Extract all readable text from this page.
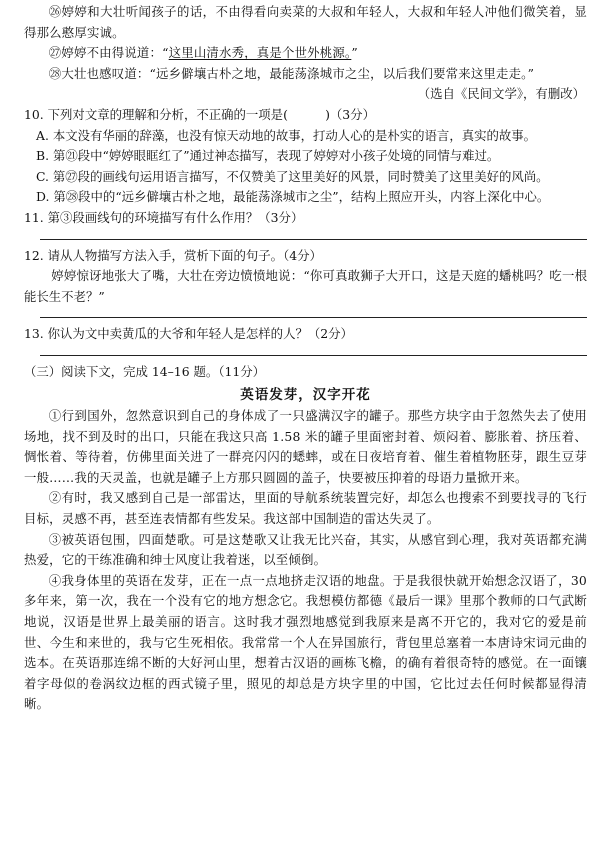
㉖婷婷和大壮听闻孩子的话，不由得看向卖菜的大叔和年轻人，大叔和年轻人冲他们微笑着，显得那么憨厚实诚。

㉗婷婷不由得说道：“这里山清水秀，真是个世外桃源。”

㉘大壮也感叹道：“远乡僻壤古朴之地，最能荡涤城市之尘，以后我们要常来这里走走。”

（选自《民间文学》，有删改）

10. 下列对文章的理解和分析，不正确的一项是(　　　)（3分）

A. 本文没有华丽的辞藻，也没有惊天动地的故事，打动人心的是朴实的语言，真实的故事。

B. 第㉑段中“婷婷眼眶红了”通过神态描写，表现了婷婷对小孩子处境的同情与难过。

C. 第㉗段的画线句运用语言描写，不仅赞美了这里美好的风景，同时赞美了这里美好的风尚。

D. 第㉘段中的“远乡僻壤古朴之地，最能荡涤城市之尘”，结构上照应开头，内容上深化中心。

11. 第③段画线句的环境描写有什么作用？（3分）

12. 请从人物描写方法入手，赏析下面的句子。（4分）

婷婷惊讶地张大了嘴，大壮在旁边愤愤地说：“你可真敢狮子大开口，这是天庭的蟠桃吗？吃一根能长生不老？”

13. 你认为文中卖黄瓜的大爷和年轻人是怎样的人？（2分）

（三）阅读下文，完成 14–16 题。（11分）

英语发芽，汉字开花

①行到国外，忽然意识到自己的身体成了一只盛满汉字的罐子。那些方块字由于忽然失去了使用场地，找不到及时的出口，只能在我这只高 1.58 米的罐子里面密封着、烦闷着、膨胀着、挤压着、惆怅着、等待着，仿佛里面关进了一群亮闪闪的蟋蟀，或在日夜培育着、催生着植物胚芽，跟生豆芽一般……我的天灵盖，也就是罐子上方那只圆圆的盖子，快要被压抑着的母语力量掀开来。

②有时，我又感到自己是一部雷达，里面的导航系统装置完好，却怎么也搜索不到要找寻的飞行目标，灵感不再，甚至连表情都有些发呆。我这部中国制造的雷达失灵了。

③被英语包围，四面楚歌。可是这楚歌又让我无比兴奋，其实，从感官到心理，我对英语都充满热爱，它的干练准确和绅士风度让我着迷，以至倾倒。

④我身体里的英语在发芽，正在一点一点地挤走汉语的地盘。于是我很快就开始想念汉语了，30 多年来，第一次，我在一个没有它的地方想念它。我想模仿都德《最后一课》里那个教师的口气武断地说，汉语是世界上最美丽的语言。这时我才强烈地感觉到我原来是离不开它的，我对它的爱是前世、今生和来世的，我与它生死相依。我常常一个人在异国旅行，背包里总塞着一本唐诗宋词元曲的选本。在英语那连绵不断的大好河山里，想着古汉语的画栋飞檐，的确有着很奇特的感觉。在一面镶着字母似的卷涡纹边框的西式镜子里，照见的却总是方块字里的中国，它比过去任何时候都显得清晰。
